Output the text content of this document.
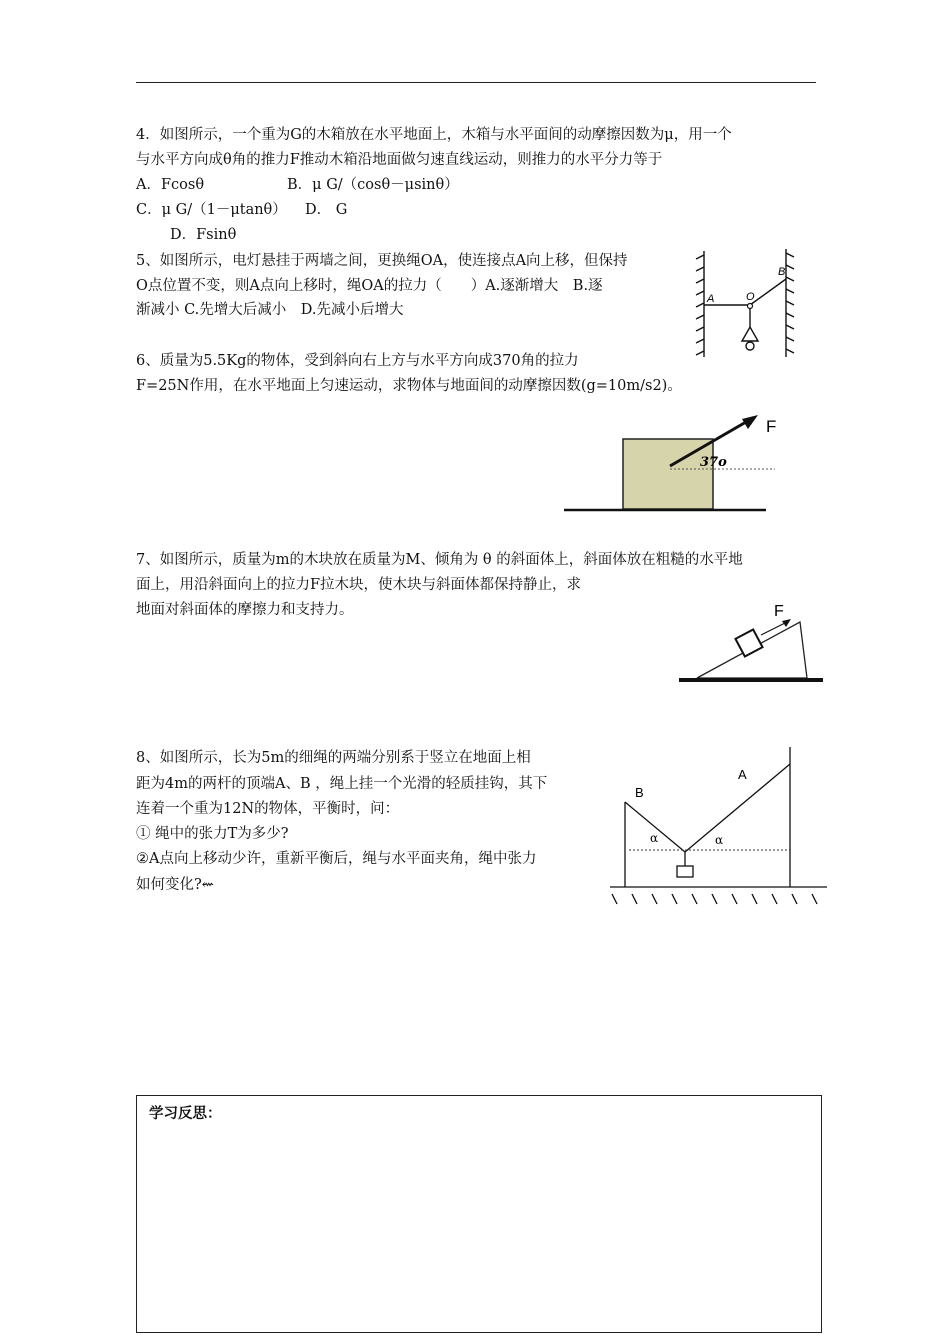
4．如图所示，一个重为G的木箱放在水平地面上，木箱与水平面间的动摩擦因数为μ，用一个
与水平方向成θ角的推力F推动木箱沿地面做匀速直线运动，则推力的水平分力等于
A．Fcosθ	B．μ G/（cosθ－μsinθ）
C．μ G/（1－μtanθ） D． G
D．Fsinθ
5、如图所示，电灯悬挂于两墙之间，更换绳OA，使连接点A向上移，但保持
O点位置不变，则A点向上移时，绳OA的拉力（　　）A.逐渐增大　B.逐
渐减小 C.先增大后减小　D.先减小后增大
A	O
B
6、质量为5.5Kg的物体，受到斜向右上方与水平方向成370角的拉力
F=25N作用，在水平地面上匀速运动，求物体与地面间的动摩擦因数(g=10m/s2)。
F
37o
7、如图所示，质量为m的木块放在质量为M、倾角为 θ 的斜面体上，斜面体放在粗糙的水平地
面上，用沿斜面向上的拉力F拉木块，使木块与斜面体都保持静止，求
地面对斜面体的摩擦力和支持力。	F
8、如图所示，长为5m的细绳的两端分别系于竖立在地面上相
距为4m的两杆的顶端A、B ，绳上挂一个光滑的轻质挂钩，其下
连着一个重为12N的物体，平衡时，问：
① 绳中的张力T为多少?
②A点向上移动少许，重新平衡后，绳与水平面夹角，绳中张力
如何变化?⇜
B
A
α	α
学习反思：
